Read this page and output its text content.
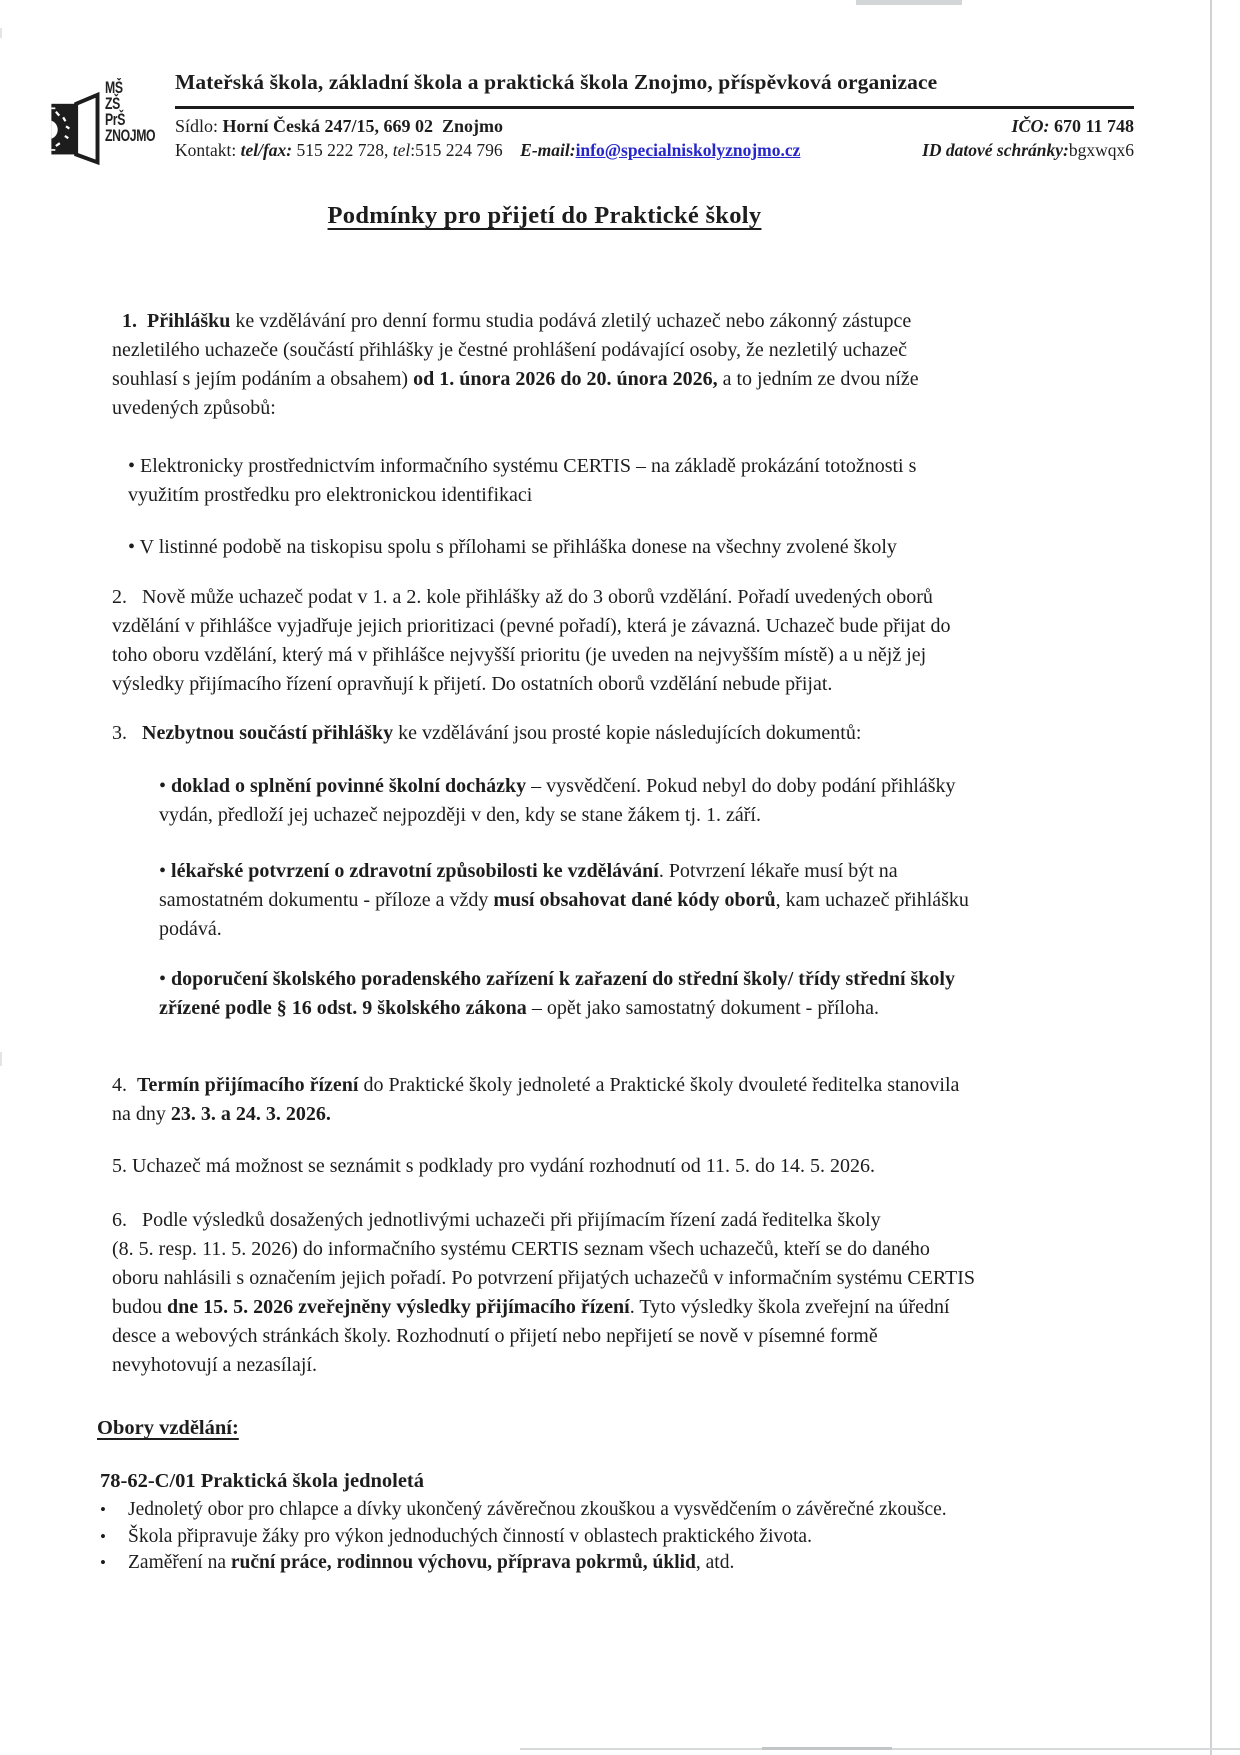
MŠ
ZŠ
PrŠ
ZNOJMO
Mateřská škola, základní škola a praktická škola Znojmo, příspěvková organizace
Sídlo: Horní Česká 247/15, 669 02  Znojmo	IČO: 670 11 748
Kontakt: tel/fax: 515 222 728, tel:515 224 796    E-mail: info@specialniskolyznojmo.cz	ID datové schránky:bgxwqx6
Podmínky pro přijetí do Praktické školy
1.  Přihlášku ke vzdělávání pro denní formu studia podává zletilý uchazeč nebo zákonný zástupce
nezletilého uchazeče (součástí přihlášky je čestné prohlášení podávající osoby, že nezletilý uchazeč
souhlasí s jejím podáním a obsahem) od 1. února 2026 do 20. února 2026, a to jedním ze dvou níže
uvedených způsobů:
• Elektronicky prostřednictvím informačního systému CERTIS – na základě prokázání totožnosti s
využitím prostředku pro elektronickou identifikaci
• V listinné podobě na tiskopisu spolu s přílohami se přihláška donese na všechny zvolené školy
2.   Nově může uchazeč podat v 1. a 2. kole přihlášky až do 3 oborů vzdělání. Pořadí uvedených oborů
vzdělání v přihlášce vyjadřuje jejich prioritizaci (pevné pořadí), která je závazná. Uchazeč bude přijat do
toho oboru vzdělání, který má v přihlášce nejvyšší prioritu (je uveden na nejvyšším místě) a u nějž jej
výsledky přijímacího řízení opravňují k přijetí. Do ostatních oborů vzdělání nebude přijat.
3.   Nezbytnou součástí přihlášky ke vzdělávání jsou prosté kopie následujících dokumentů:
• doklad o splnění povinné školní docházky – vysvědčení. Pokud nebyl do doby podání přihlášky
vydán, předloží jej uchazeč nejpozději v den, kdy se stane žákem tj. 1. září.
• lékařské potvrzení o zdravotní způsobilosti ke vzdělávání. Potvrzení lékaře musí být na
samostatném dokumentu - příloze a vždy musí obsahovat dané kódy oborů, kam uchazeč přihlášku
podává.
• doporučení školského poradenského zařízení k zařazení do střední školy/ třídy střední školy
zřízené podle § 16 odst. 9 školského zákona – opět jako samostatný dokument - příloha.
4.  Termín přijímacího řízení do Praktické školy jednoleté a Praktické školy dvouleté ředitelka stanovila
na dny 23. 3. a 24. 3. 2026.
5. Uchazeč má možnost se seznámit s podklady pro vydání rozhodnutí od 11. 5. do 14. 5. 2026.
6.   Podle výsledků dosažených jednotlivými uchazeči při přijímacím řízení zadá ředitelka školy
(8. 5. resp. 11. 5. 2026) do informačního systému CERTIS seznam všech uchazečů, kteří se do daného
oboru nahlásili s označením jejich pořadí. Po potvrzení přijatých uchazečů v informačním systému CERTIS
budou dne 15. 5. 2026 zveřejněny výsledky přijímacího řízení. Tyto výsledky škola zveřejní na úřední
desce a webových stránkách školy. Rozhodnutí o přijetí nebo nepřijetí se nově v písemné formě
nevyhotovují a nezasílají.
Obory vzdělání:
78-62-C/01 Praktická škola jednoletá
•	Jednoletý obor pro chlapce a dívky ukončený závěrečnou zkouškou a vysvědčením o závěrečné zkoušce.
•	Škola připravuje žáky pro výkon jednoduchých činností v oblastech praktického života.
•	Zaměření na ruční práce, rodinnou výchovu, příprava pokrmů, úklid, atd.
